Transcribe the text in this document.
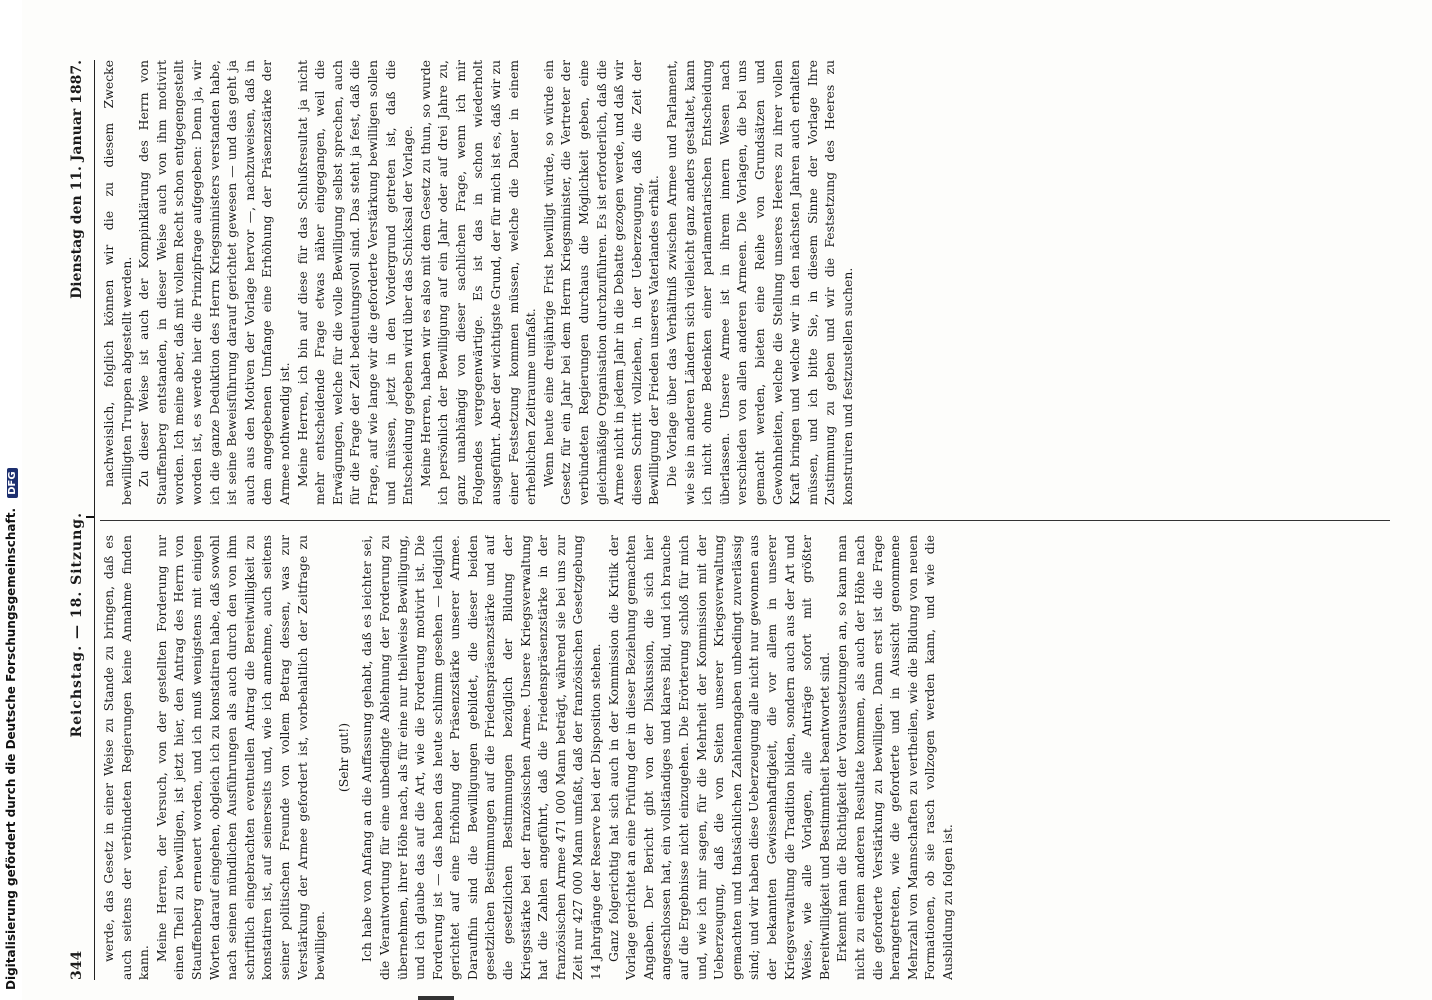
Digitalisierung gefördert durch die Deutsche Forschungsgemeinschaft. DFG
344
Reichstag. — 18. Sitzung.
Dienstag den 11. Januar 1887.

werde, das Gesetz in einer Weise zu Stande zu bringen, daß es auch seitens der verbündeten Regierungen keine Annahme finden kann.

Meine Herren, der Versuch, von der gestellten Forderung nur einen Theil zu bewilligen, ist jetzt hier, den Antrag des Herrn von Stauffenberg erneuert worden, und ich muß wenigstens mit einigen Worten darauf eingehen, obgleich ich zu konstatiren habe, daß sowohl nach seinen mündlichen Ausführungen als auch durch den von ihm schriftlich eingebrachten eventuellen Antrag die Bereitwilligkeit zu konstatiren ist, auf seinerseits und, wie ich annehme, auch seitens seiner politischen Freunde von vollem Betrag dessen, was zur Verstärkung der Armee gefordert ist, vorbehaltlich der Zeitfrage zu bewilligen.

(Sehr gut!) Ich habe von Anfang an die Auffassung gehabt, daß es leichter sei, die Verantwortung für eine unbedingte Ablehnung der Forderung zu übernehmen, ihrer Höhe nach, als für eine nur theilweise Bewilligung, und ich glaube das auf die Art, wie die Forderung motivirt ist. Die Forderung ist — das haben das heute schlimm gesehen — lediglich gerichtet auf eine Erhöhung der Präsenzstärke unserer Armee. Daraufhin sind die Bewilligungen gebildet, die dieser beiden gesetzlichen Bestimmungen auf die Friedenspräsenzstärke und auf die gesetzlichen Bestimmungen bezüglich der Bildung der Kriegsstärke bei der französischen Armee. Unsere Kriegsverwaltung hat die Zahlen angeführt, daß die Friedenspräsenzstärke in der französischen Armee 471 000 Mann beträgt, während sie bei uns zur Zeit nur 427 000 Mann umfaßt, daß der französischen Gesetzgebung 14 Jahrgänge der Reserve bei der Disposition stehen. Ganz folgerichtig hat sich auch in der Kommission die Kritik der Vorlage gerichtet an eine Prüfung der in dieser Beziehung gemachten Angaben. Der Bericht gibt von der Diskussion, die sich hier angeschlossen hat, ein vollständiges und klares Bild, und ich brauche auf die Ergebnisse nicht einzugehen. Die Erörterung schloß für mich und, wie ich mir sagen, für die Mehrheit der Kommission mit der Ueberzeugung, daß die von Seiten unserer Kriegsverwaltung gemachten und thatsächlichen Zahlenangaben unbedingt zuverlässig sind; und wir haben diese Ueberzeugung alle nicht nur gewonnen aus der bekannten Gewissenhaftigkeit, die vor allem in unserer Kriegsverwaltung die Tradition bilden, sondern auch aus der Art und Weise, wie alle Vorlagen, alle Anträge sofort mit größter Bereitwilligkeit und Bestimmtheit beantwortet sind. Erkennt man die Richtigkeit der Voraussetzungen an, so kann man nicht zu einem anderen Resultate kommen, als auch der Höhe nach die geforderte Verstärkung zu bewilligen. Dann erst ist die Frage herangetreten, wie die geforderte und in Aussicht genommene Mehrzahl von Mannschaften zu vertheilen, wie die Bildung von neuen Formationen, ob sie rasch vollzogen werden kann, und wie die Ausbildung zu folgen ist.

nachweislich, folglich können wir die zu diesem Zwecke bewilligten Truppen abgestellt werden. Zu dieser Weise ist auch der Kompinklärung des Herrn von Stauffenberg entstanden, in dieser Weise auch von ihm motivirt worden. Ich meine aber, daß mit vollem Recht schon entgegengestellt worden ist, es werde hier die Prinzipfrage aufgegeben: Denn ja, wir ich die ganze Deduktion des Herrn Kriegsministers verstanden habe, ist seine Beweisführung darauf gerichtet gewesen — und das geht ja auch aus den Motiven der Vorlage hervor —, nachzuweisen, daß in dem angegebenen Umfange eine Erhöhung der Präsenzstärke der Armee nothwendig ist. Meine Herren, ich bin auf diese für das Schlußresultat ja nicht mehr entscheidende Frage etwas näher eingegangen, weil die Erwägungen, welche für die volle Bewilligung selbst sprechen, auch für die Frage der Zeit bedeutungsvoll sind. Das steht ja fest, daß die Frage, auf wie lange wir die geforderte Verstärkung bewilligen sollen und müssen, jetzt in den Vordergrund getreten ist, daß die Entscheidung gegeben wird über das Schicksal der Vorlage. Meine Herren, haben wir es also mit dem Gesetz zu thun, so wurde ich persönlich der Bewilligung auf ein Jahr oder auf drei Jahre zu, ganz unabhängig von dieser sachlichen Frage, wenn ich mir Folgendes vergegenwärtige. Es ist das in schon wiederholt ausgeführt. Aber der wichtigste Grund, der für mich ist es, daß wir zu einer Festsetzung kommen müssen, welche die Dauer in einem erheblichen Zeitraume umfaßt. Wenn heute eine dreijährige Frist bewilligt würde, so würde ein Gesetz für ein Jahr bei dem Herrn Kriegsminister, die Vertreter der verbündeten Regierungen durchaus die Möglichkeit geben, eine gleichmäßige Organisation durchzuführen. Es ist erforderlich, daß die Armee nicht in jedem Jahr in die Debatte gezogen werde, und daß wir diesen Schritt vollziehen, in der Ueberzeugung, daß die Zeit der Bewilligung der Frieden unseres Vaterlandes erhält. Die Vorlage über das Verhältniß zwischen Armee und Parlament, wie sie in anderen Ländern sich vielleicht ganz anders gestaltet, kann ich nicht ohne Bedenken einer parlamentarischen Entscheidung überlassen. Unsere Armee ist in ihrem innern Wesen nach verschieden von allen anderen Armeen. Die Vorlagen, die bei uns gemacht werden, bieten eine Reihe von Grundsätzen und Gewohnheiten, welche die Stellung unseres Heeres zu ihrer vollen Kraft bringen und welche wir in den nächsten Jahren auch erhalten müssen, und ich bitte Sie, in diesem Sinne der Vorlage Ihre Zustimmung zu geben und wir die Festsetzung des Heeres zu konstruiren und festzustellen suchen.
